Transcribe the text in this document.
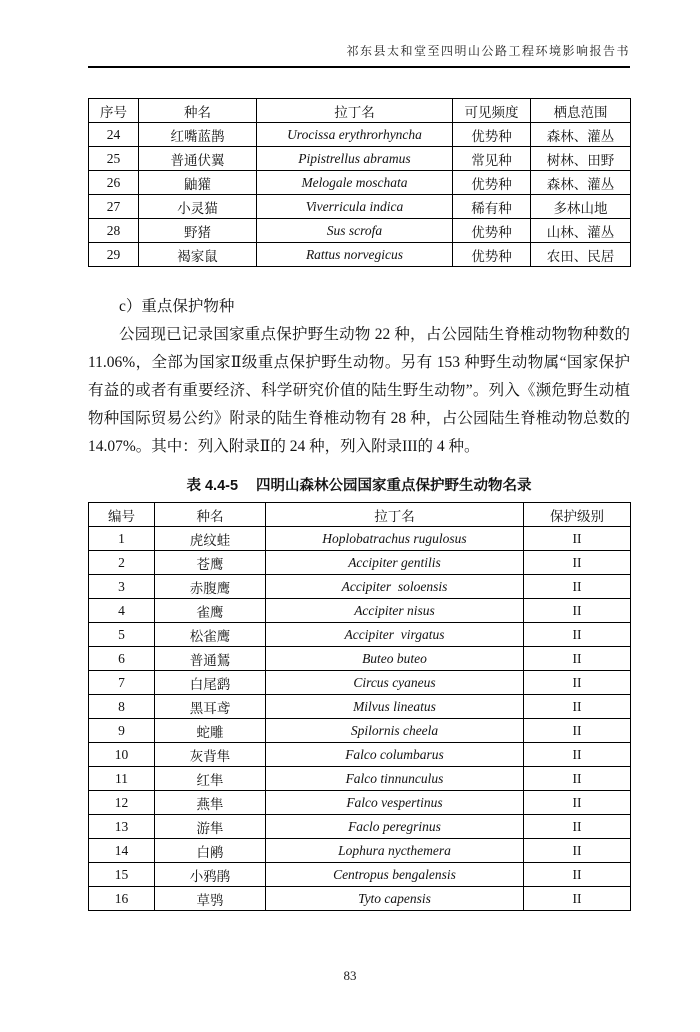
祁东县太和堂至四明山公路工程环境影响报告书
序号	种名	拉丁名	可见频度	栖息范围
24	红嘴蓝鹊	Urocissa erythrorhyncha	优势种	森林、灌丛
25	普通伏翼	Pipistrellus abramus	常见种	树林、田野
26	鼬獾	Melogale moschata	优势种	森林、灌丛
27	小灵猫	Viverricula indica	稀有种	多林山地
28	野猪	Sus scrofa	优势种	山林、灌丛
29	褐家鼠	Rattus norvegicus	优势种	农田、民居

c）重点保护物种

公园现已记录国家重点保护野生动物 22 种，占公园陆生脊椎动物物种数的 11.06%，全部为国家Ⅱ级重点保护野生动物。另有 153 种野生动物属“国家保护有益的或者有重要经济、科学研究价值的陆生野生动物”。列入《濒危野生动植物种国际贸易公约》附录的陆生脊椎动物有 28 种，占公园陆生脊椎动物总数的 14.07%。其中：列入附录Ⅱ的 24 种，列入附录III的 4 种。

表 4.4-5 四明山森林公园国家重点保护野生动物名录
编号	种名	拉丁名	保护级别
1	虎纹蛙	Hoplobatrachus rugulosus	II
2	苍鹰	Accipiter gentilis	II
3	赤腹鹰	Accipiter  soloensis	II
4	雀鹰	Accipiter nisus	II
5	松雀鹰	Accipiter  virgatus	II
6	普通鵟	Buteo buteo	II
7	白尾鹞	Circus cyaneus	II
8	黑耳鸢	Milvus lineatus	II
9	蛇雕	Spilornis cheela	II
10	灰背隼	Falco columbarus	II
11	红隼	Falco tinnunculus	II
12	燕隼	Falco vespertinus	II
13	游隼	Faclo peregrinus	II
14	白鹇	Lophura nycthemera	II
15	小鸦鹃	Centropus bengalensis	II
16	草鸮	Tyto capensis	II
83
